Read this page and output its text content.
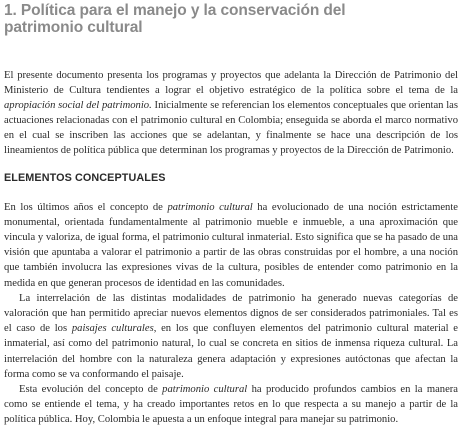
1. Política para el manejo y la conservación del
patrimonio cultural

El presente documento presenta los programas y proyectos que adelanta la Dirección de Patrimonio del Ministerio de Cultura tendientes a lograr el objetivo estratégico de la política sobre el tema de la apropiación social del patrimonio. Inicialmente se referencian los elementos conceptuales que orientan las actuaciones relacionadas con el patrimonio cultural en Colombia; enseguida se aborda el marco normativo en el cual se inscriben las acciones que se adelantan, y finalmente se hace una descripción de los lineamientos de política pública que determinan los programas y proyectos de la Dirección de Patrimonio.

ELEMENTOS CONCEPTUALES

En los últimos años el concepto de patrimonio cultural ha evolucionado de una noción estrictamente monumental, orientada fundamentalmente al patrimonio mueble e inmueble, a una aproximación que vincula y valoriza, de igual forma, el patrimonio cultural inmaterial. Esto significa que se ha pasado de una visión que apuntaba a valorar el patrimonio a partir de las obras construidas por el hombre, a una noción que también involucra las expresiones vivas de la cultura, posibles de entender como patrimonio en la medida en que generan procesos de identidad en las comunidades.

La interrelación de las distintas modalidades de patrimonio ha generado nuevas categorías de valoración que han permitido apreciar nuevos elementos dignos de ser considerados patrimoniales. Tal es el caso de los paisajes culturales, en los que confluyen elementos del patrimonio cultural material e inmaterial, así como del patrimonio natural, lo cual se concreta en sitios de inmensa riqueza cultural. La interrelación del hombre con la naturaleza genera adaptación y expresiones autóctonas que afectan la forma como se va conformando el paisaje.

Esta evolución del concepto de patrimonio cultural ha producido profundos cambios en la manera como se entiende el tema, y ha creado importantes retos en lo que respecta a su manejo a partir de la política pública. Hoy, Colombia le apuesta a un enfoque integral para manejar su patrimonio.
